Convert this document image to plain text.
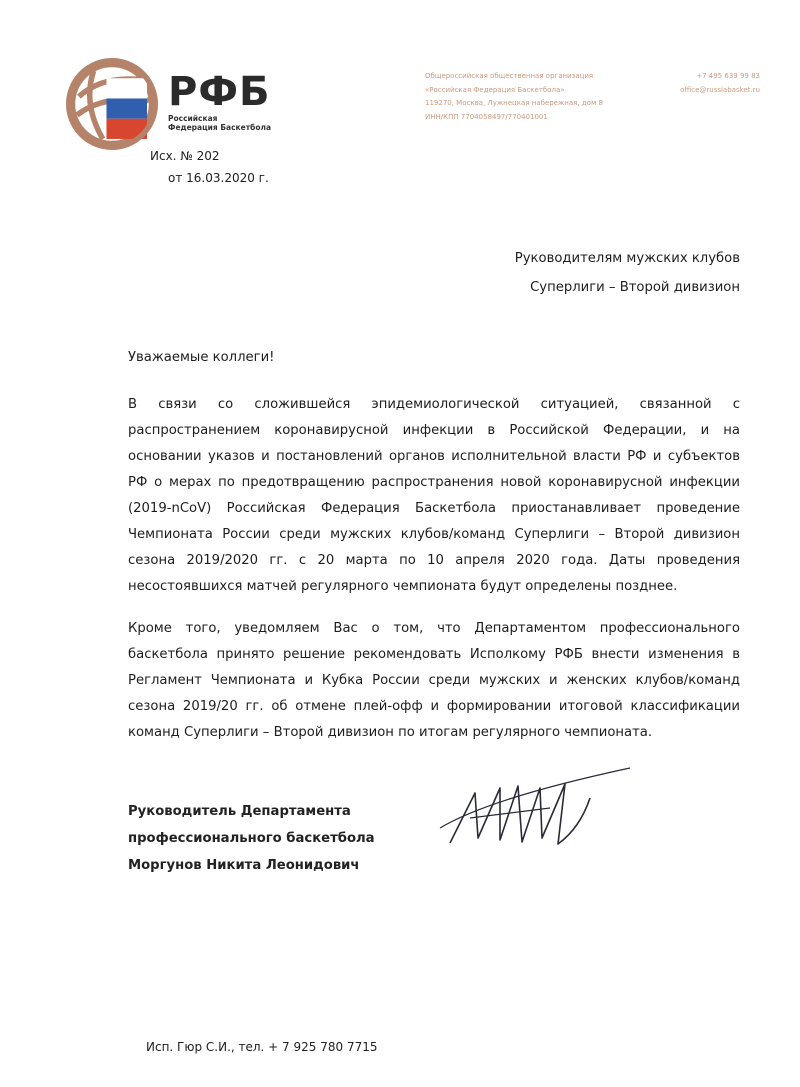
РФБ
Российская
Федерация Баскетбола
Общероссийская общественная организация
«Российская Федерация Баскетбола»
119270, Москва, Лужнецкая набережная, дом 8
ИНН/КПП 7704058497/770401001
+7 495 639 99 83
office@russiabasket.ru
Исх. № 202
от 16.03.2020 г.
Руководителям мужских клубов
Суперлиги – Второй дивизион
Уважаемые коллеги!
В связи со сложившейся эпидемиологической ситуацией, связанной с распространением коронавирусной инфекции в Российской Федерации, и на основании указов и постановлений органов исполнительной власти РФ и субъектов РФ о мерах по предотвращению распространения новой коронавирусной инфекции (2019-nCoV) Российская Федерация Баскетбола приостанавливает проведение Чемпионата России среди мужских клубов/команд Суперлиги – Второй дивизион сезона 2019/2020 гг. с 20 марта по 10 апреля 2020 года. Даты проведения несостоявшихся матчей регулярного чемпионата будут определены позднее.
Кроме того, уведомляем Вас о том, что Департаментом профессионального баскетбола принято решение рекомендовать Исполкому РФБ внести изменения в Регламент Чемпионата и Кубка России среди мужских и женских клубов/команд сезона 2019/20 гг. об отмене плей-офф и формировании итоговой классификации команд Суперлиги – Второй дивизион по итогам регулярного чемпионата.
Руководитель Департамента
профессионального баскетбола
Моргунов Никита Леонидович
Исп. Гюр С.И., тел. + 7 925 780 7715
